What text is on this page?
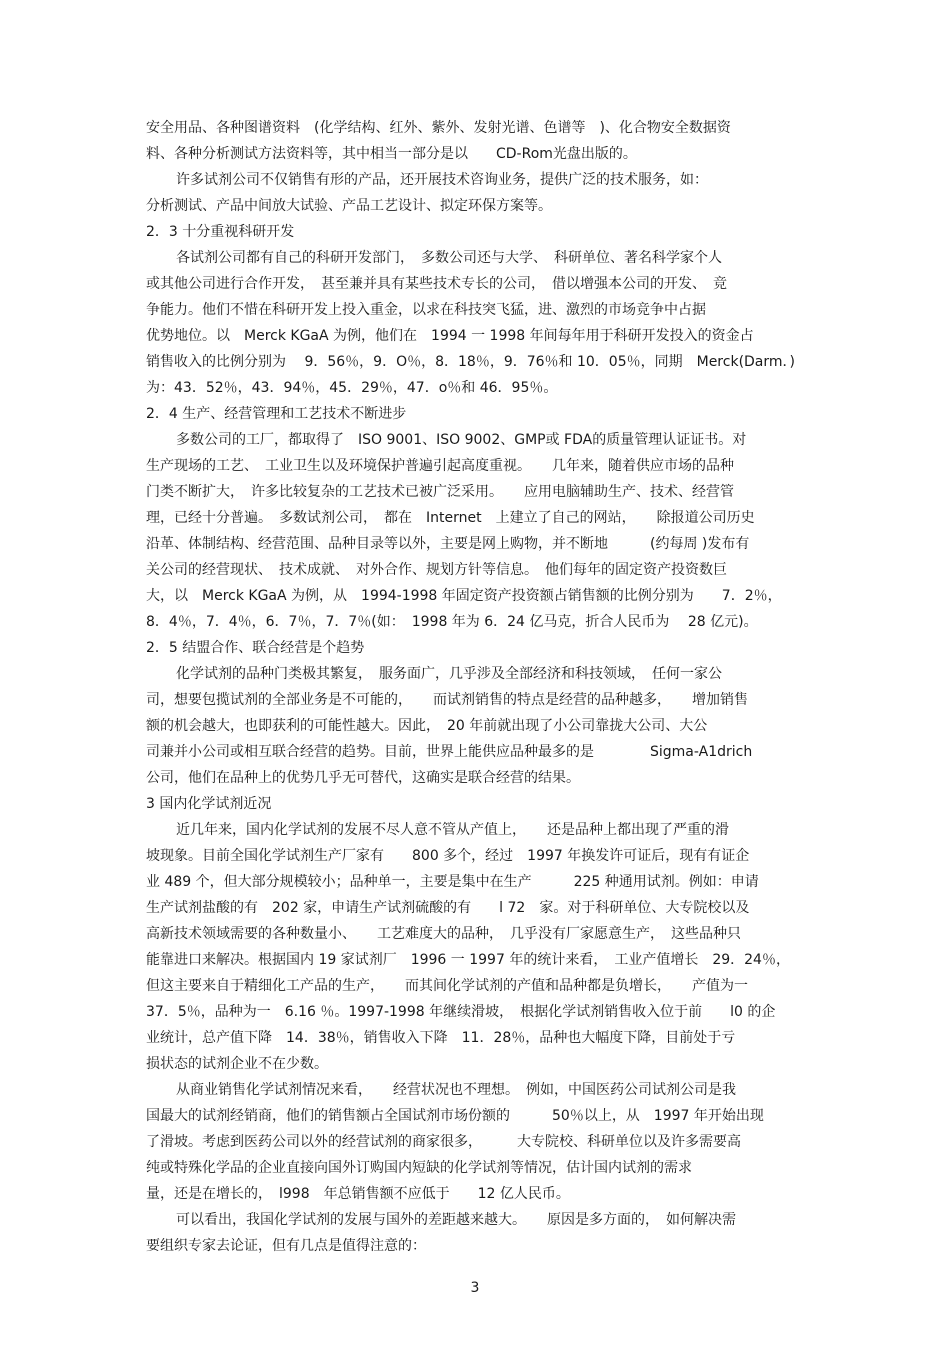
安全用品、各种图谱资料　(化学结构、红外、紫外、发射光谱、色谱等　)、化合物安全数据资
料、各种分析测试方法资料等，其中相当一部分是以　　CD-Rom光盘出版的。
许多试剂公司不仅销售有形的产品，还开展技术咨询业务，提供广泛的技术服务，如：
分析测试、产品中间放大试验、产品工艺设计、拟定环保方案等。
2．3 十分重视科研开发
各试剂公司都有自己的科研开发部门，　多数公司还与大学、　科研单位、著名科学家个人
或其他公司进行合作开发，　甚至兼并具有某些技术专长的公司，　借以增强本公司的开发、　竞
争能力。他们不惜在科研开发上投入重金，以求在科技突飞猛，进、激烈的市场竞争中占据
优势地位。以　Merck KGaA 为例，他们在　1994 一 1998 年间每年用于科研开发投入的资金占
销售收入的比例分别为　 9．56％，9．O％，8．18％，9．76％和 10．05％，同期　Merck(Darm．)
为：43．52％，43．94％，45．29％，47．o％和 46．95％。
2．4 生产、经营管理和工艺技术不断进步
多数公司的工厂，都取得了　ISO 9001、ISO 9002、GMP或 FDA的质量管理认证证书。对
生产现场的工艺、　工业卫生以及环境保护普遍引起高度重视。　　几年来，随着供应市场的品种
门类不断扩大，　许多比较复杂的工艺技术已被广泛采用。　　应用电脑辅助生产、技术、经营管
理，已经十分普遍。　多数试剂公司，　都在　Internet　上建立了自己的网站，　　除报道公司历史
沿革、体制结构、经营范围、品种目录等以外，主要是网上购物，并不断地　　　(约每周 )发布有
关公司的经营现状、　技术成就、　对外合作、规划方针等信息。　他们每年的固定资产投资数巨
大，以　Merck KGaA 为例，从　1994-1998 年固定资产投资额占销售额的比例分别为　　7．2％，
8．4％，7．4％，6．7％，7．7％(如：　1998 年为 6．24 亿马克，折合人民币为　 28 亿元)。
2．5 结盟合作、联合经营是个趋势
化学试剂的品种门类极其繁复，　服务面广，几乎涉及全部经济和科技领域，　任何一家公
司，想要包揽试剂的全部业务是不可能的，　　而试剂销售的特点是经营的品种越多，　　增加销售
额的机会越大，也即获利的可能性越大。因此，　20 年前就出现了小公司靠拢大公司、大公
司兼并小公司或相互联合经营的趋势。目前，世界上能供应品种最多的是　　　　Sigma-A1drich
公司，他们在品种上的优势几乎无可替代，这确实是联合经营的结果。
3 国内化学试剂近况
近几年来，国内化学试剂的发展不尽人意不管从产值上，　　还是品种上都出现了严重的滑
坡现象。目前全国化学试剂生产厂家有　　800 多个，经过　1997 年换发许可证后，现有有证企
业 489 个，但大部分规模较小；品种单一，主要是集中在生产　　　225 种通用试剂。例如：申请
生产试剂盐酸的有　202 家，申请生产试剂硫酸的有　　l 72　家。对于科研单位、大专院校以及
高新技术领域需要的各种数量小、　　工艺难度大的品种，　几乎没有厂家愿意生产，　这些品种只
能靠进口来解决。根据国内 19 家试剂厂　1996 一 1997 年的统计来看，　工业产值增长　29．24％，
但这主要来自于精细化工产品的生产，　　而其间化学试剂的产值和品种都是负增长，　　产值为一
37．5％，品种为一　6.16 ％。1997-1998 年继续滑坡，　根据化学试剂销售收入位于前　　l0 的企
业统计，总产值下降　14．38％，销售收入下降　11．28％，品种也大幅度下降，目前处于亏
损状态的试剂企业不在少数。
从商业销售化学试剂情况来看，　　经营状况也不理想。　例如，中国医药公司试剂公司是我
国最大的试剂经销商，他们的销售额占全国试剂市场份额的　　　50％以上，从　1997 年开始出现
了滑坡。考虑到医药公司以外的经营试剂的商家很多，　　　大专院校、科研单位以及许多需要高
纯或特殊化学品的企业直接向国外订购国内短缺的化学试剂等情况，估计国内试剂的需求
量，还是在增长的，　l998　年总销售额不应低于　　12 亿人民币。
可以看出，我国化学试剂的发展与国外的差距越来越大。　　原因是多方面的，　如何解决需
要组织专家去论证，但有几点是值得注意的：
3
